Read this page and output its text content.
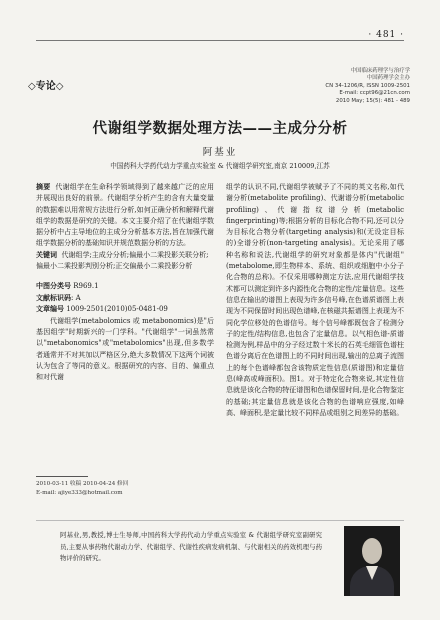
· 481 ·
◇专论◇
中国临床药理学与治疗学
中国药理学会主办
CN 34-1206/R, ISSN 1009-2501
E-mail: ccpt96@21cn.com
2010 May; 15(5): 481 - 489
代谢组学数据处理方法——主成分分析
阿基业
中国药科大学药代动力学重点实验室 & 代谢组学研究室,南京 210009,江苏

摘要 代谢组学在生命科学领域得到了越来越广泛的应用并展现出良好的前景。代谢组学分析产生的含有大量变量的数据难以用常规方法进行分析,如何正确分析和解释代谢组学的数据是研究的关键。本文主要介绍了在代谢组学数据分析中占主导地位的主成分分析基本方法,旨在加强代谢组学数据分析的基础知识并规范数据分析的方法。

关键词 代谢组学;主成分分析;偏最小二乘投影关联分析;偏最小二乘投影判别分析;正交偏最小二乘投影分析

中图分类号 R969.1
文献标识码: A
文章编号 1009-2501(2010)05-0481-09

代谢组学(metabolomics 或 metabonomics)是"后基因组学"时期新兴的一门学科。"代谢组学"一词虽然常以"metabonomics"或"metabolomics"出现,但多数学者通常并不对其加以严格区分,绝大多数情况下这两个词被认为包含了等同的意义。根据研究的内容、目的、偏重点和对代谢

组学的认识不同,代谢组学被赋予了不同的英文名称,如代谢分析(metabolite profiling)、代谢谱分析(metabolic profiling)、代谢指纹谱分析(metabolic fingerprinting)等;根据分析的目标化合物不同,还可以分为目标化合物分析(targeting analysis)和(无设定目标的)全谱分析(non-targeting analysis)。无论采用了哪种名称和说法,代谢组学的研究对象都是体内"代谢组"(metabolome,即生物样本、系统、组织或细胞中小分子化合物的总称)。不仅采用哪种测定方法,应用代谢组学技术都可以测定到许多内源性化合物的定性/定量信息。这些信息在输出的谱图上表现为许多信号峰,在色谱质谱图上表现为不同保留时间出现色谱峰,在核磁共振谱图上表现为不同化学位移处的色谱信号。每个信号峰都既包含了检测分子的定性/结构信息,也包含了定量信息。以气相色谱-质谱检测为例,样品中的分子经过数十米长的石英毛细管色谱柱色谱分离后在色谱图上的不同时间出现,输出的总离子流图上的每个色谱峰都包含该物质定性信息(质谱图)和定量信息(峰高或峰面积)。图1。对于特定化合物来说,其定性信息就是该化合物的特征谱图和色谱保留时间,是化合物鉴定的基础;其定量信息就是该化合物的色谱响应强度,如峰高、峰面积,是定量比较不同样品或组别之间差异的基础。

2010-03-11 收稿 2010-04-24 修回
E-mail: ajiye333@hotmail.com
阿基业,男,教授,博士生导师,中国药科大学药代动力学重点实验室 & 代谢组学研究室副研究员,主要从事药物代谢动力学、代谢组学、代谢性疾病发病机制、与代谢相关的药效机理与药物评价的研究。
